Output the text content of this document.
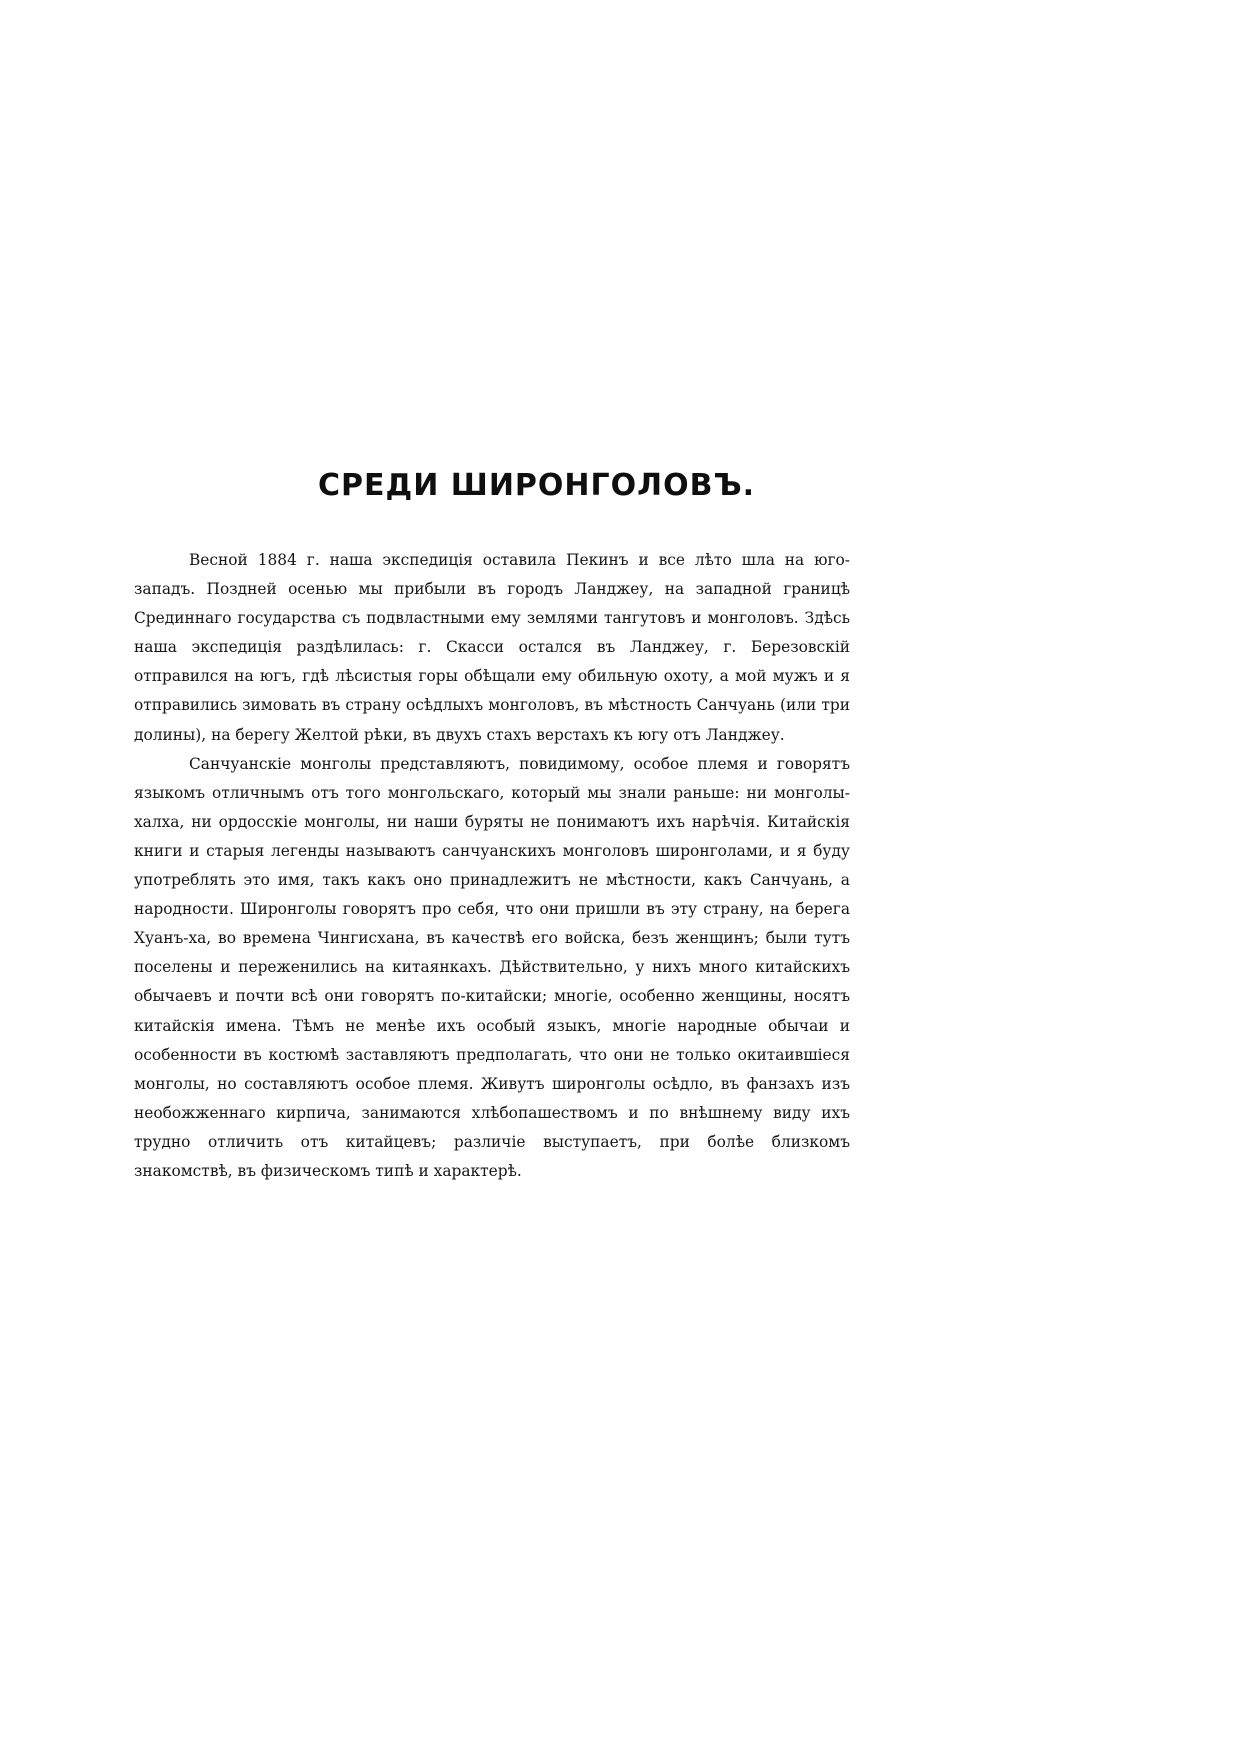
СРЕДИ ШИРОНГОЛОВЪ.

Весной 1884 г. наша экспедиція оставила Пекинъ и все лѣто шла на юго-западъ. Поздней осенью мы прибыли въ городъ Ланджеу, на западной границѣ Срединнаго государства съ подвластными ему землями тангутовъ и монголовъ. Здѣсь наша экспедиція раздѣлилась: г. Скасси остался въ Ланджеу, г. Березовскій отправился на югъ, гдѣ лѣсистыя горы обѣщали ему обильную охоту, а мой мужъ и я отправились зимовать въ страну осѣдлыхъ монголовъ, въ мѣстность Санчуань (или три долины), на берегу Желтой рѣки, въ двухъ стахъ верстахъ къ югу отъ Ланджеу.

Санчуанскіе монголы представляютъ, повидимому, особое племя и говорятъ языкомъ отличнымъ отъ того монгольскаго, который мы знали раньше: ни монголы-халха, ни ордосскіе монголы, ни наши буряты не понимаютъ ихъ нарѣчія. Китайскія книги и старыя легенды называютъ санчуанскихъ монголовъ широнголами, и я буду употреблять это имя, такъ какъ оно принадлежитъ не мѣстности, какъ Санчуань, а народности. Широнголы говорятъ про себя, что они пришли въ эту страну, на берега Хуанъ-ха, во времена Чингисхана, въ качествѣ его войска, безъ женщинъ; были тутъ поселены и переженились на китаянкахъ. Дѣйствительно, у нихъ много китайскихъ обычаевъ и почти всѣ они говорятъ по-китайски; многіе, особенно женщины, носятъ китайскія имена. Тѣмъ не менѣе ихъ особый языкъ, многіе народные обычаи и особенности въ костюмѣ заставляютъ предполагать, что они не только окитаившіеся монголы, но составляютъ особое племя. Живутъ широнголы осѣдло, въ фанзахъ изъ необожженнаго кирпича, занимаются хлѣбопашествомъ и по внѣшнему виду ихъ трудно отличить отъ китайцевъ; различіе выступаетъ, при болѣе близкомъ знакомствѣ, въ физическомъ типѣ и характерѣ.
